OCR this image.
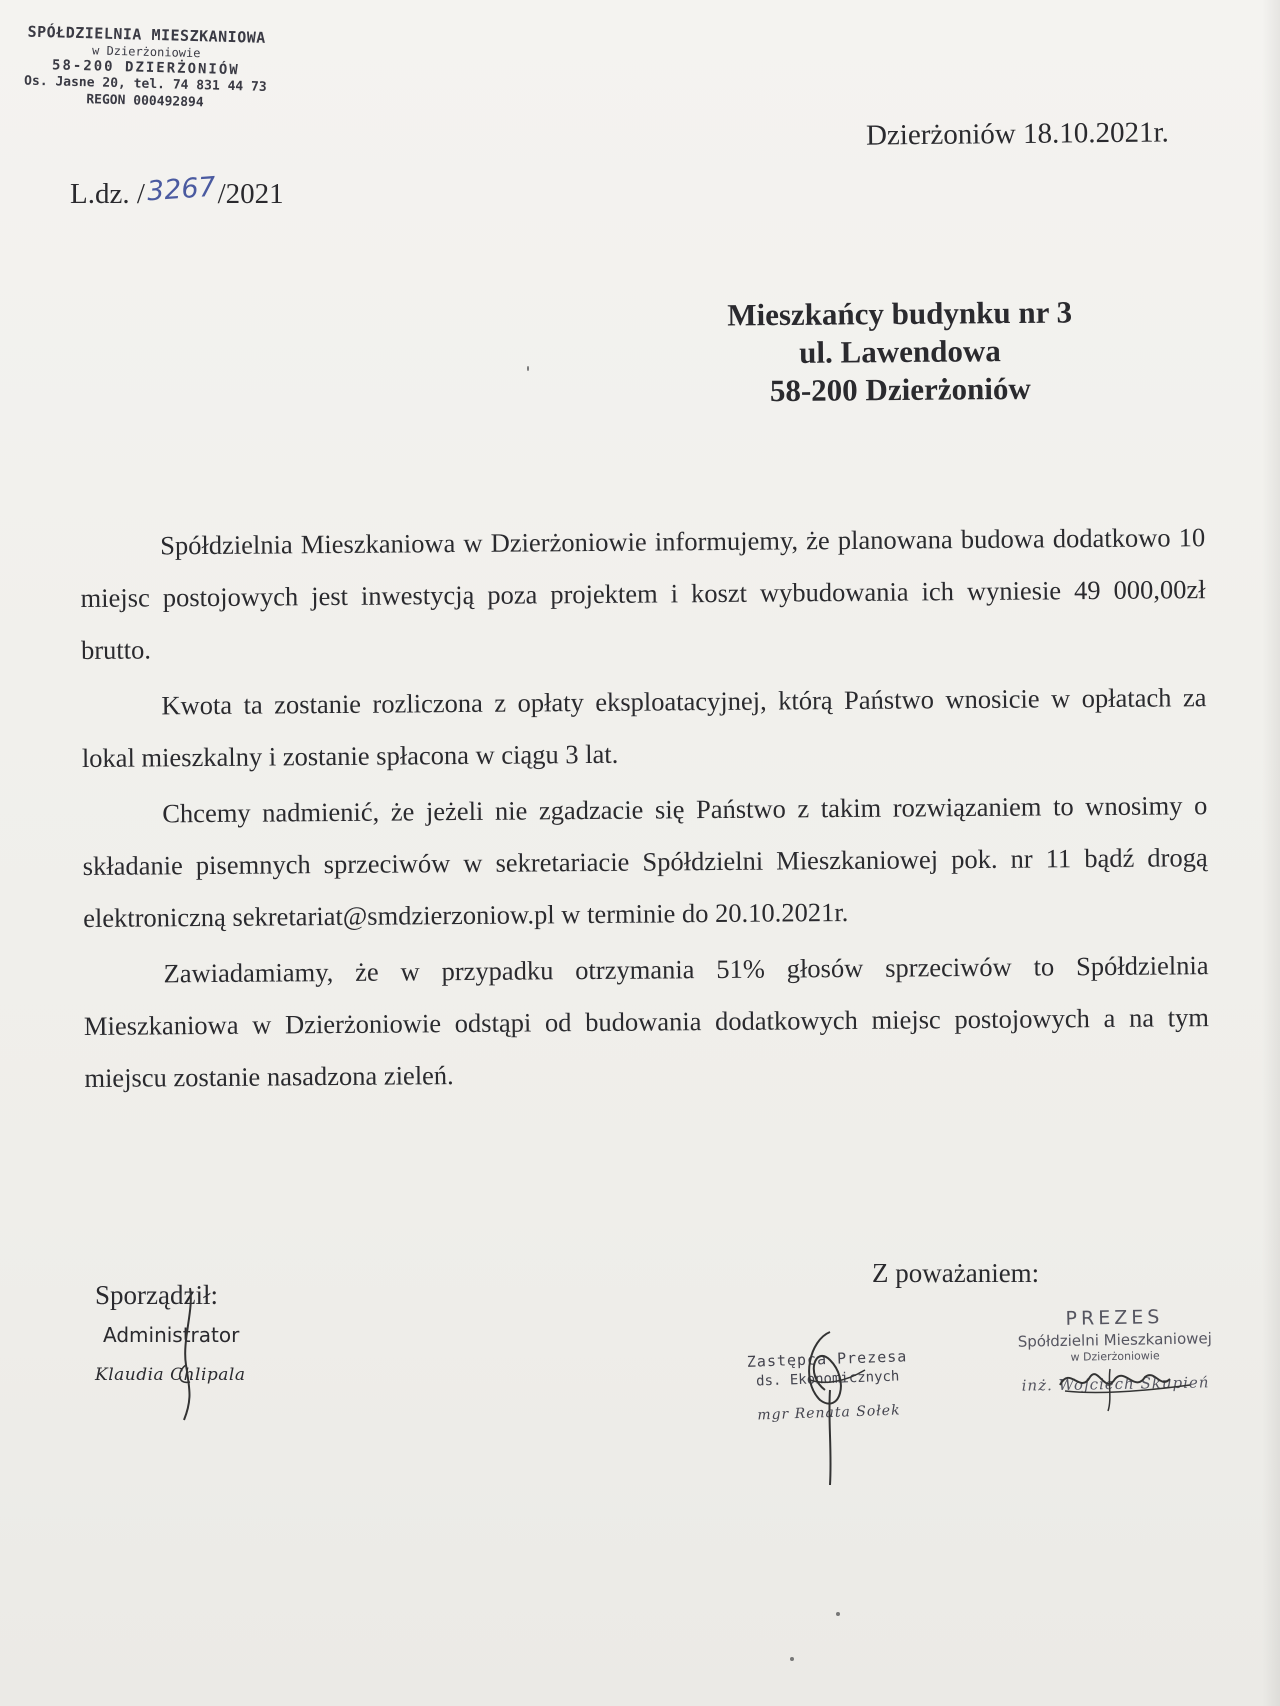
SPÓŁDZIELNIA MIESZKANIOWA
w Dzierżoniowie
58-200 DZIERŻONIÓW
Os. Jasne 20, tel. 74 831 44 73
REGON 000492894
Dzierżoniów 18.10.2021r.
L.dz. /3267/2021
Mieszkańcy budynku nr 3
ul. Lawendowa
58-200 Dzierżoniów

Spółdzielnia Mieszkaniowa w Dzierżoniowie informujemy, że planowana budowa dodatkowo 10 miejsc postojowych jest inwestycją poza projektem i koszt wybudowania ich wyniesie 49 000,00zł brutto.

Kwota ta zostanie rozliczona z opłaty eksploatacyjnej, którą Państwo wnosicie w opłatach za lokal mieszkalny i zostanie spłacona w ciągu 3 lat.

Chcemy nadmienić, że jeżeli nie zgadzacie się Państwo z takim rozwiązaniem to wnosimy o składanie pisemnych sprzeciwów w sekretariacie Spółdzielni Mieszkaniowej pok. nr 11 bądź drogą elektroniczną sekretariat@smdzierzoniow.pl w terminie do 20.10.2021r.

Zawiadamiamy, że w przypadku otrzymania 51% głosów sprzeciwów to Spółdzielnia Mieszkaniowa w Dzierżoniowie odstąpi od budowania dodatkowych miejsc postojowych a na tym miejscu zostanie nasadzona zieleń.

Sporządził:
Administrator
Klaudia Chlipala
Z poważaniem:
Zastępca Prezesa
ds. Ekonomicznych
mgr Renata Sołek
PREZES
Spółdzielni Mieszkaniowej
w Dzierżoniowie
inż. Wojciech Skupień
